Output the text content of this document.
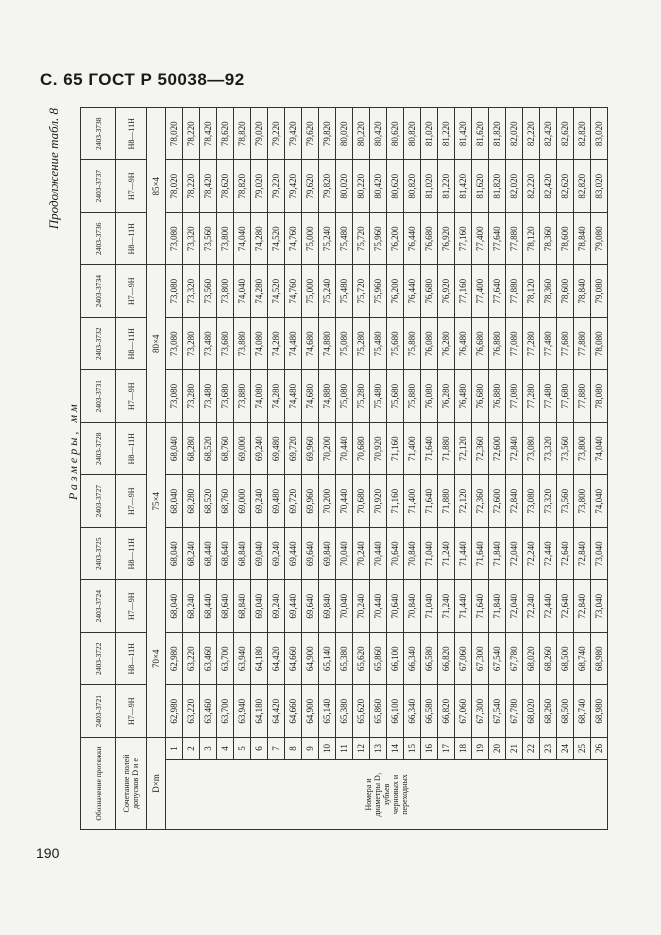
С. 65 ГОСТ Р 50038—92
Продолжение табл. 8
Размеры, мм
Обозначение протяжки		2403-3721	2403-3722	2403-3724	2403-3725	2403-3727	2403-3728	2403-3731	2403-3732	2403-3734	2403-3736	2403-3737	2403-3738
Сочетание полей допусков D и e		H7—9H	H8—11H	H7—9H	H8—11H	H7—9H	H8—11H	H7—9H	H8—11H	H7—9H	H8—11H	H7—9H	H8—11H
D×m		70×4			75×4			80×4			85×4		

Номера и диаметры D₁ зубьев черновых и переходных	1	62,980	62,980	68,040	68,040	68,040	68,040	73,080	73,080	73,080	73,080	78,020	78,020
	2	63,220	63,220	68,240	68,240	68,280	68,280	73,280	73,280	73,320	73,320	78,220	78,220
	3	63,460	63,460	68,440	68,440	68,520	68,520	73,480	73,480	73,560	73,560	78,420	78,420
	4	63,700	63,700	68,640	68,640	68,760	68,760	73,680	73,680	73,800	73,800	78,620	78,620
	5	63,940	63,940	68,840	68,840	69,000	69,000	73,880	73,880	74,040	74,040	78,820	78,820
	6	64,180	64,180	69,040	69,040	69,240	69,240	74,080	74,080	74,280	74,280	79,020	79,020
	7	64,420	64,420	69,240	69,240	69,480	69,480	74,280	74,280	74,520	74,520	79,220	79,220
	8	64,660	64,660	69,440	69,440	69,720	69,720	74,480	74,480	74,760	74,760	79,420	79,420
	9	64,900	64,900	69,640	69,640	69,960	69,960	74,680	74,680	75,000	75,000	79,620	79,620
	10	65,140	65,140	69,840	69,840	70,200	70,200	74,880	74,880	75,240	75,240	79,820	79,820
	11	65,380	65,380	70,040	70,040	70,440	70,440	75,080	75,080	75,480	75,480	80,020	80,020
	12	65,620	65,620	70,240	70,240	70,680	70,680	75,280	75,280	75,720	75,720	80,220	80,220
	13	65,860	65,860	70,440	70,440	70,920	70,920	75,480	75,480	75,960	75,960	80,420	80,420
	14	66,100	66,100	70,640	70,640	71,160	71,160	75,680	75,680	76,200	76,200	80,620	80,620
	15	66,340	66,340	70,840	70,840	71,400	71,400	75,880	75,880	76,440	76,440	80,820	80,820
	16	66,580	66,580	71,040	71,040	71,640	71,640	76,080	76,080	76,680	76,680	81,020	81,020
	17	66,820	66,820	71,240	71,240	71,880	71,880	76,280	76,280	76,920	76,920	81,220	81,220
	18	67,060	67,060	71,440	71,440	72,120	72,120	76,480	76,480	77,160	77,160	81,420	81,420
	19	67,300	67,300	71,640	71,640	72,360	72,360	76,680	76,680	77,400	77,400	81,620	81,620
	20	67,540	67,540	71,840	71,840	72,600	72,600	76,880	76,880	77,640	77,640	81,820	81,820
	21	67,780	67,780	72,040	72,040	72,840	72,840	77,080	77,080	77,880	77,880	82,020	82,020
	22	68,020	68,020	72,240	72,240	73,080	73,080	77,280	77,280	78,120	78,120	82,220	82,220
	23	68,260	68,260	72,440	72,440	73,320	73,320	77,480	77,480	78,360	78,360	82,420	82,420
	24	68,500	68,500	72,640	72,640	73,560	73,560	77,680	77,680	78,600	78,600	82,620	82,620
	25	68,740	68,740	72,840	72,840	73,800	73,800	77,880	77,880	78,840	78,840	82,820	82,820
	26	68,980	68,980	73,040	73,040	74,040	74,040	78,080	78,080	79,080	79,080	83,020	83,020
190
